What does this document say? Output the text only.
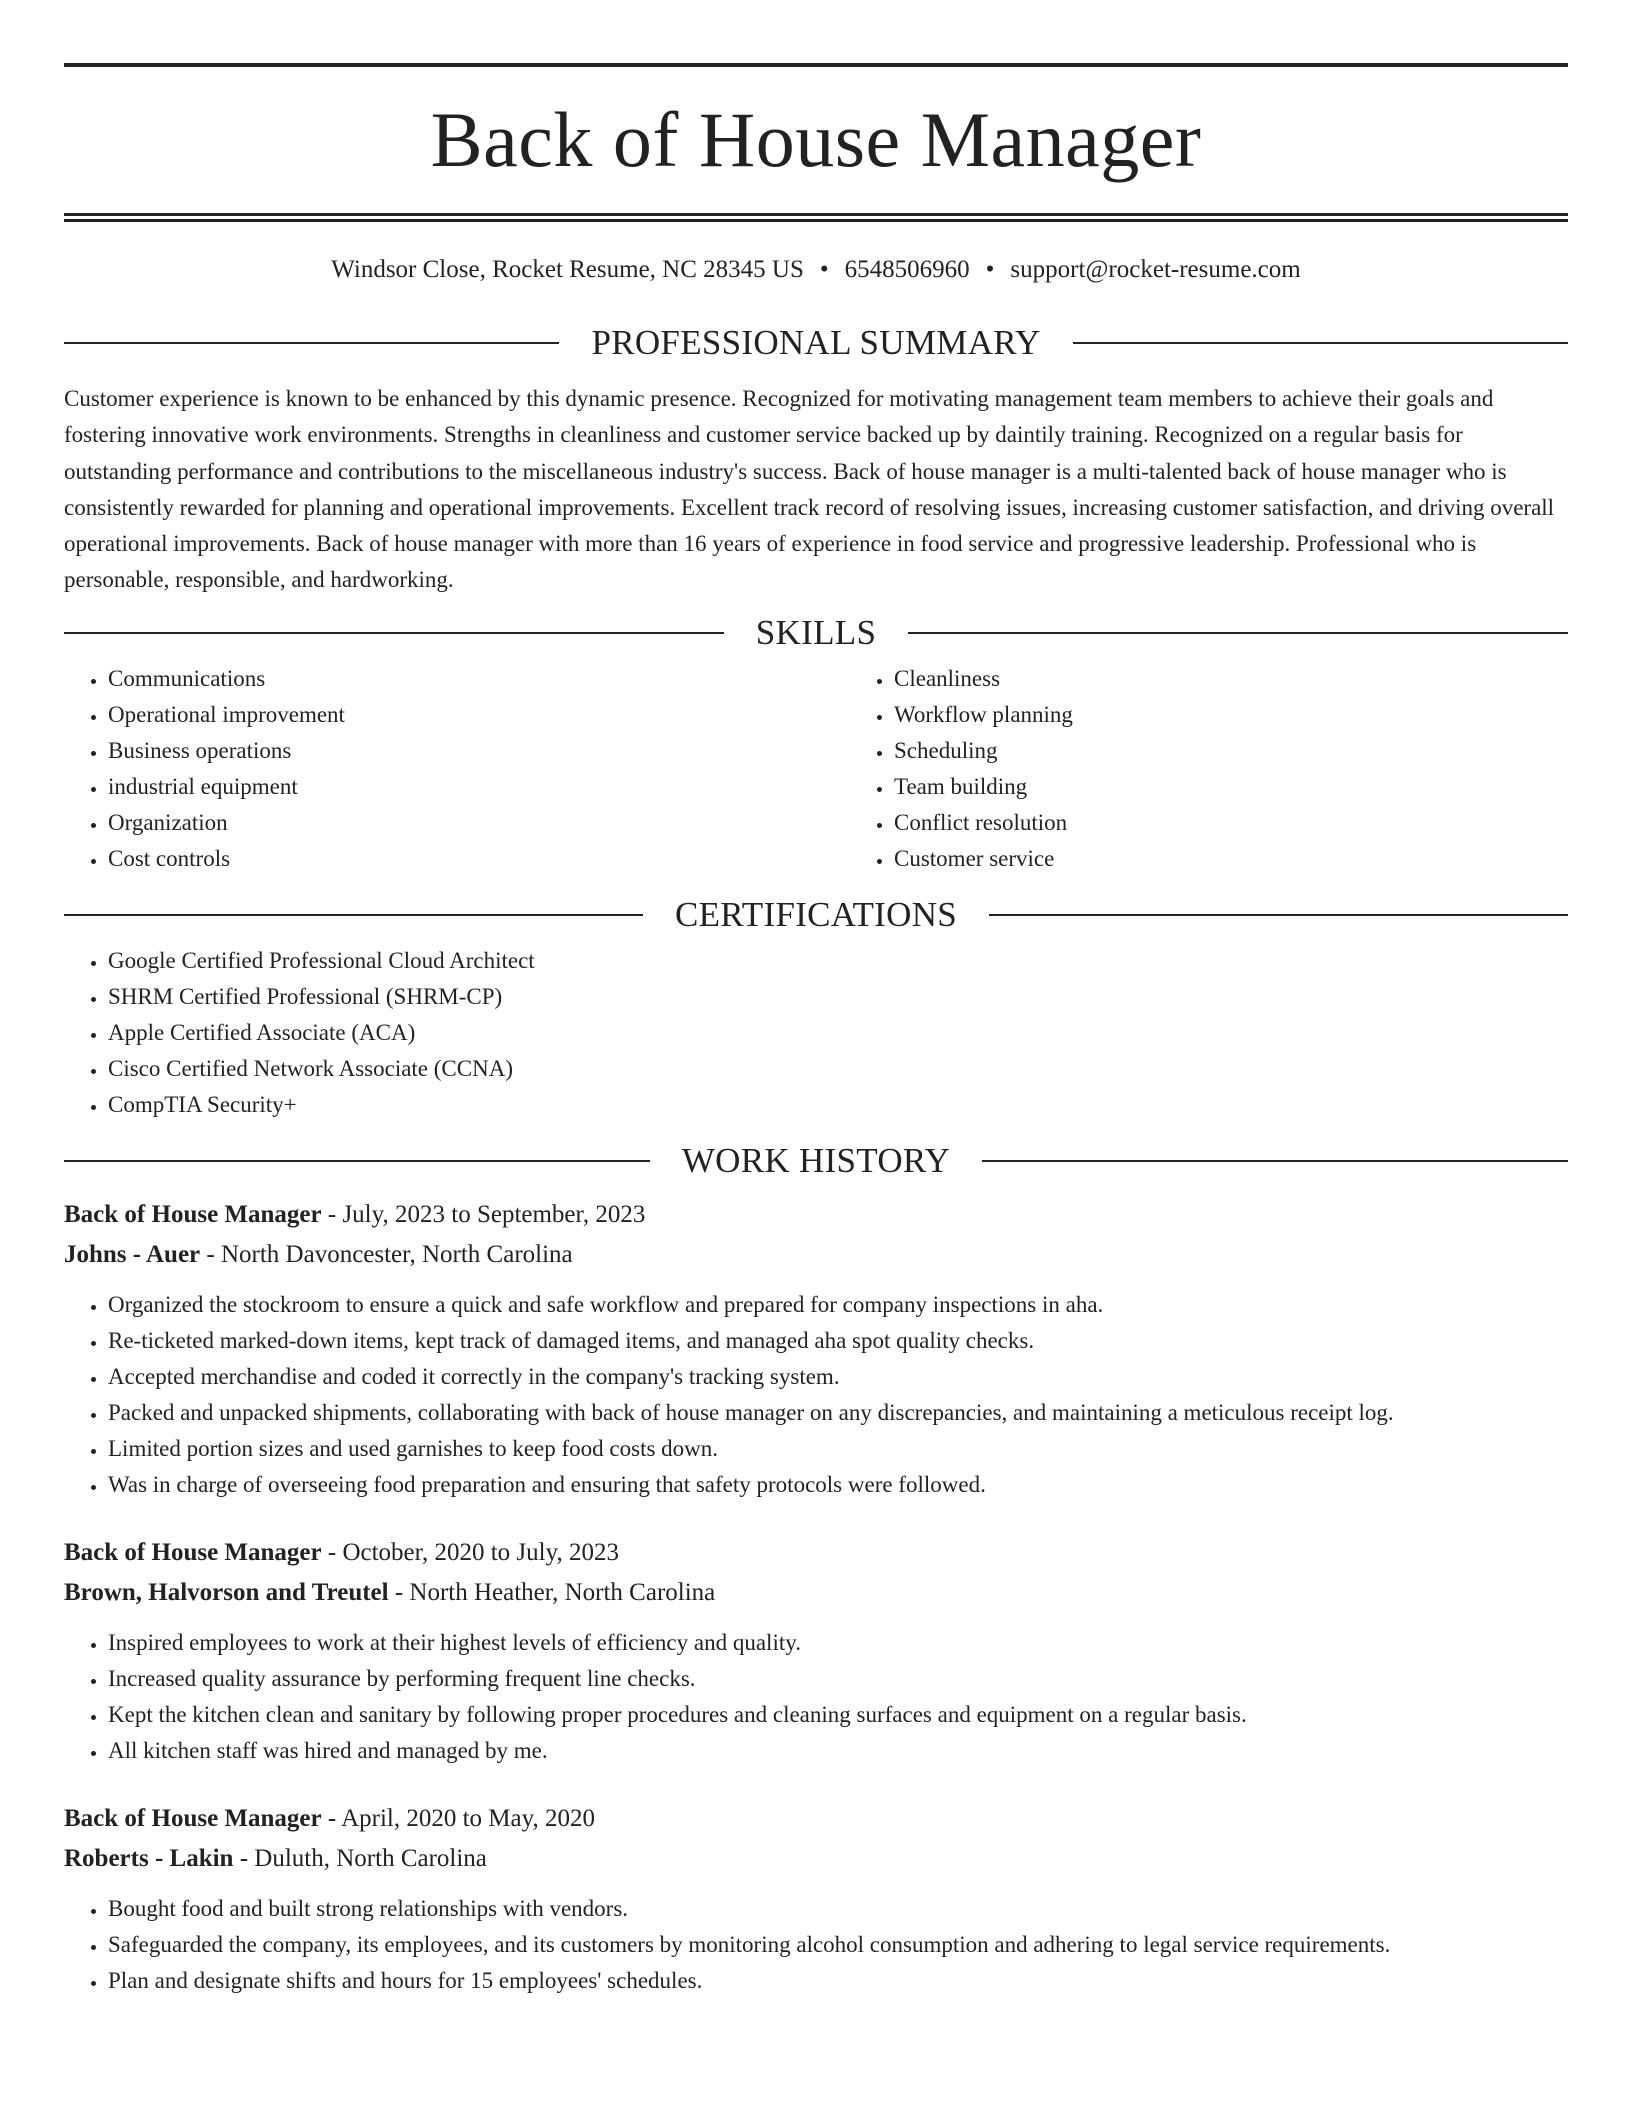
Back of House Manager
Windsor Close, Rocket Resume, NC 28345 US • 6548506960 • support@rocket-resume.com
PROFESSIONAL SUMMARY

Customer experience is known to be enhanced by this dynamic presence. Recognized for motivating management team members to achieve their goals and fostering innovative work environments. Strengths in cleanliness and customer service backed up by daintily training. Recognized on a regular basis for outstanding performance and contributions to the miscellaneous industry's success. Back of house manager is a multi-talented back of house manager who is consistently rewarded for planning and operational improvements. Excellent track record of resolving issues, increasing customer satisfaction, and driving overall operational improvements. Back of house manager with more than 16 years of experience in food service and progressive leadership. Professional who is personable, responsible, and hardworking.

SKILLS
• Communications
• Operational improvement
• Business operations
• industrial equipment
• Organization
• Cost controls
• Cleanliness
• Workflow planning
• Scheduling
• Team building
• Conflict resolution
• Customer service
CERTIFICATIONS
• Google Certified Professional Cloud Architect
• SHRM Certified Professional (SHRM-CP)
• Apple Certified Associate (ACA)
• Cisco Certified Network Associate (CCNA)
• CompTIA Security+
WORK HISTORY
Back of House Manager - July, 2023 to September, 2023
Johns - Auer - North Davoncester, North Carolina
• Organized the stockroom to ensure a quick and safe workflow and prepared for company inspections in aha.
• Re-ticketed marked-down items, kept track of damaged items, and managed aha spot quality checks.
• Accepted merchandise and coded it correctly in the company's tracking system.
• Packed and unpacked shipments, collaborating with back of house manager on any discrepancies, and maintaining a meticulous receipt log.
• Limited portion sizes and used garnishes to keep food costs down.
• Was in charge of overseeing food preparation and ensuring that safety protocols were followed.
Back of House Manager - October, 2020 to July, 2023
Brown, Halvorson and Treutel - North Heather, North Carolina
• Inspired employees to work at their highest levels of efficiency and quality.
• Increased quality assurance by performing frequent line checks.
• Kept the kitchen clean and sanitary by following proper procedures and cleaning surfaces and equipment on a regular basis.
• All kitchen staff was hired and managed by me.
Back of House Manager - April, 2020 to May, 2020
Roberts - Lakin - Duluth, North Carolina
• Bought food and built strong relationships with vendors.
• Safeguarded the company, its employees, and its customers by monitoring alcohol consumption and adhering to legal service requirements.
• Plan and designate shifts and hours for 15 employees' schedules.
